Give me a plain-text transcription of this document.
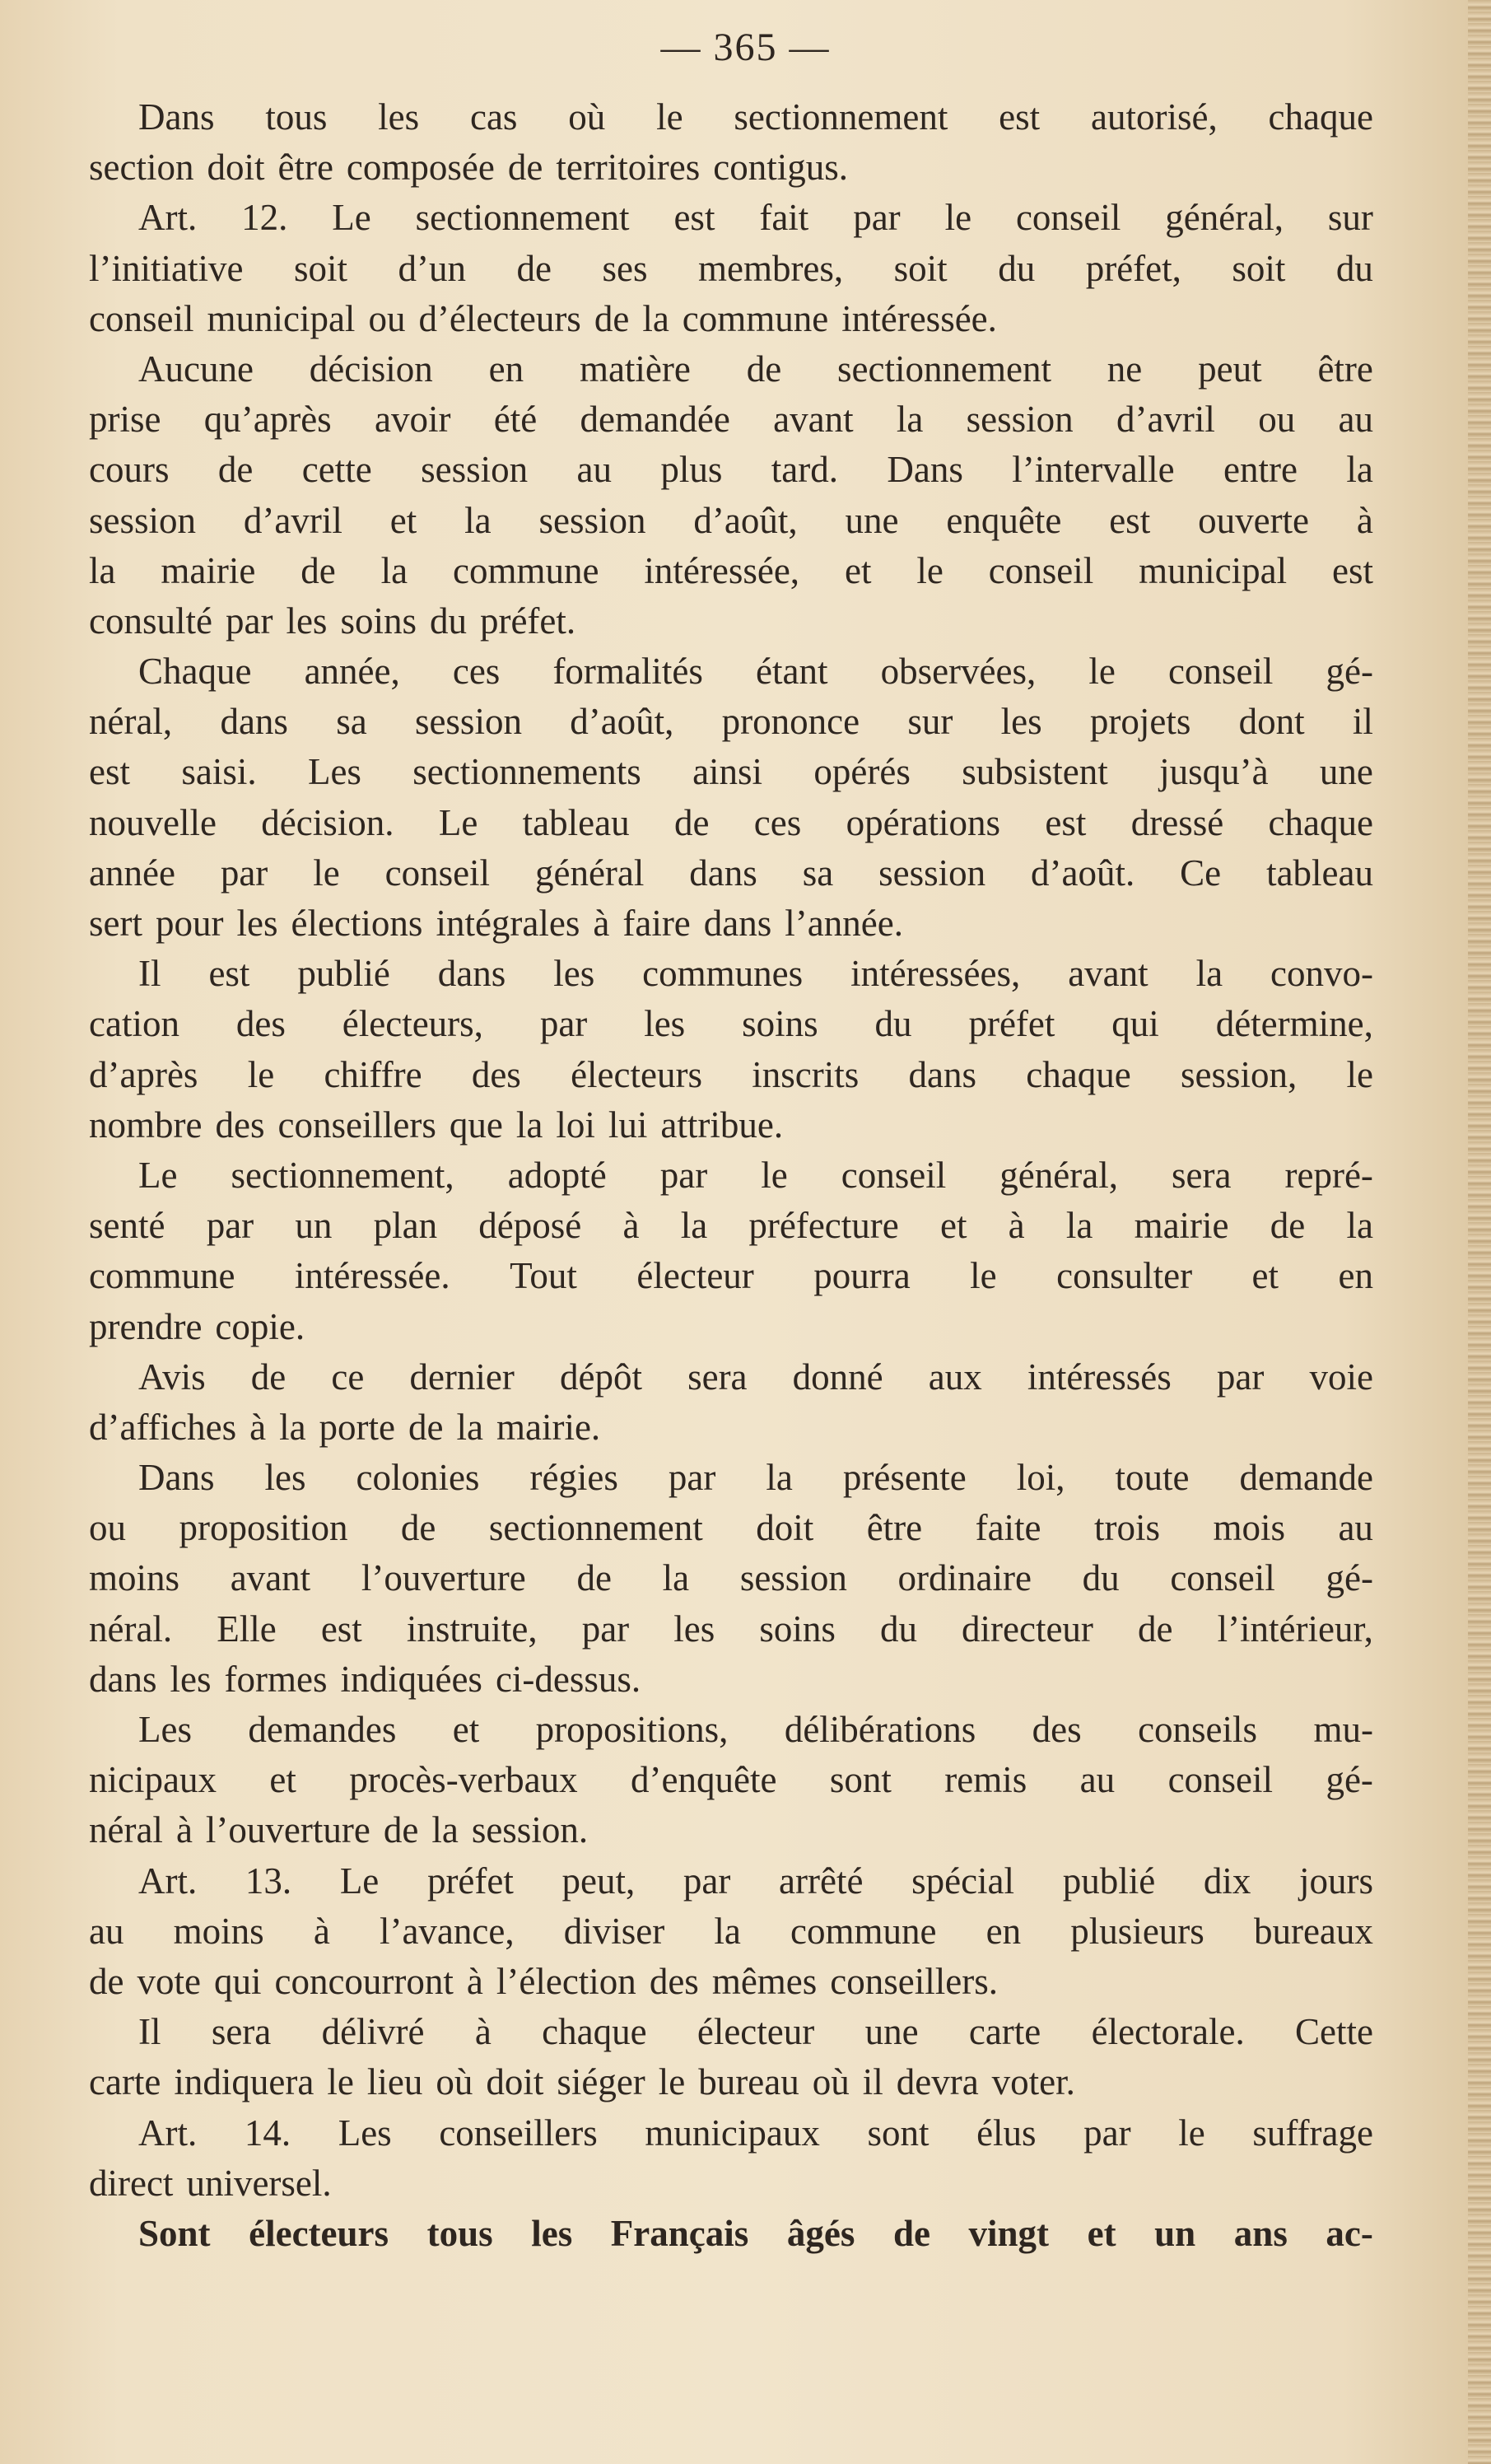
— 365 —
Dans tous les cas où le sectionnement est autorisé, chaque
section doit être composée de territoires contigus.
Art. 12. Le sectionnement est fait par le conseil général, sur
l’initiative soit d’un de ses membres, soit du préfet, soit du
conseil municipal ou d’électeurs de la commune intéressée.
Aucune décision en matière de sectionnement ne peut être
prise qu’après avoir été demandée avant la session d’avril ou au
cours de cette session au plus tard. Dans l’intervalle entre la
session d’avril et la session d’août, une enquête est ouverte à
la mairie de la commune intéressée, et le conseil municipal est
consulté par les soins du préfet.
Chaque année, ces formalités étant observées, le conseil gé-
néral, dans sa session d’août, prononce sur les projets dont il
est saisi. Les sectionnements ainsi opérés subsistent jusqu’à une
nouvelle décision. Le tableau de ces opérations est dressé chaque
année par le conseil général dans sa session d’août. Ce tableau
sert pour les élections intégrales à faire dans l’année.
Il est publié dans les communes intéressées, avant la convo-
cation des électeurs, par les soins du préfet qui détermine,
d’après le chiffre des électeurs inscrits dans chaque session, le
nombre des conseillers que la loi lui attribue.
Le sectionnement, adopté par le conseil général, sera repré-
senté par un plan déposé à la préfecture et à la mairie de la
commune intéressée. Tout électeur pourra le consulter et en
prendre copie.
Avis de ce dernier dépôt sera donné aux intéressés par voie
d’affiches à la porte de la mairie.
Dans les colonies régies par la présente loi, toute demande
ou proposition de sectionnement doit être faite trois mois au
moins avant l’ouverture de la session ordinaire du conseil gé-
néral. Elle est instruite, par les soins du directeur de l’intérieur,
dans les formes indiquées ci-dessus.
Les demandes et propositions, délibérations des conseils mu-
nicipaux et procès-verbaux d’enquête sont remis au conseil gé-
néral à l’ouverture de la session.
Art. 13. Le préfet peut, par arrêté spécial publié dix jours
au moins à l’avance, diviser la commune en plusieurs bureaux
de vote qui concourront à l’élection des mêmes conseillers.
Il sera délivré à chaque électeur une carte électorale. Cette
carte indiquera le lieu où doit siéger le bureau où il devra voter.
Art. 14. Les conseillers municipaux sont élus par le suffrage
direct universel.
Sont électeurs tous les Français âgés de vingt et un ans ac-
